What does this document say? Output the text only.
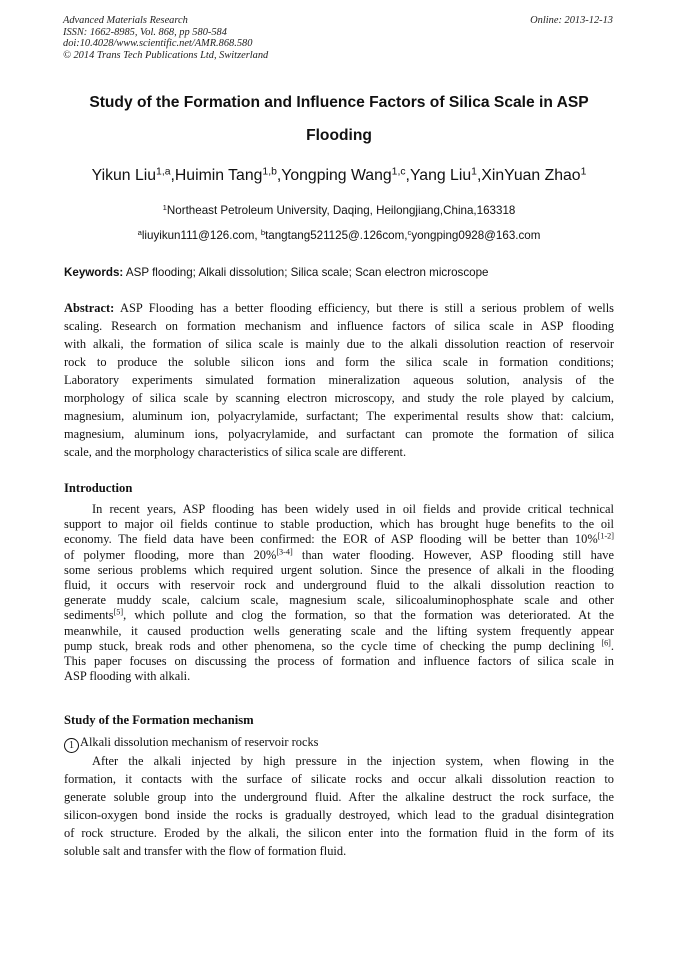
Advanced Materials Research
ISSN: 1662-8985, Vol. 868, pp 580-584
doi:10.4028/www.scientific.net/AMR.868.580
© 2014 Trans Tech Publications Ltd, Switzerland
Online: 2013-12-13
Study of the Formation and Influence Factors of Silica Scale in ASP
Flooding
Yikun Liu$^{1,a}$,Huimin Tang$^{1,b}$,Yongping Wang$^{1,c}$,Yang Liu$^1$,XinYuan Zhao$^1$
$^1$Northeast Petroleum University, Daqing, Heilongjiang,China,163318
$^a$liuyikun111@126.com, $^b$tangtang521125@.126com,$^c$yongping0928@163.com
Keywords: ASP flooding; Alkali dissolution; Silica scale; Scan electron microscope
Abstract: ASP Flooding has a better flooding efficiency, but there is still a serious problem of wells
scaling. Research on formation mechanism and influence factors of silica scale in ASP flooding
with alkali, the formation of silica scale is mainly due to the alkali dissolution reaction of reservoir
rock to produce the soluble silicon ions and form the silica scale in formation conditions;
Laboratory experiments simulated formation mineralization aqueous solution, analysis of the
morphology of silica scale by scanning electron microscopy, and study the role played by calcium,
magnesium, aluminum ion, polyacrylamide, surfactant; The experimental results show that: calcium,
magnesium, aluminum ions, polyacrylamide, and surfactant can promote the formation of silica
scale, and the morphology characteristics of silica scale are different.
Introduction
In recent years, ASP flooding has been widely used in oil fields and provide critical technical
support to major oil fields continue to stable production, which has brought huge benefits to the oil
economy. The field data have been confirmed: the EOR of ASP flooding will be better than 10%[1-2]
of polymer flooding, more than 20%[3-4] than water flooding. However, ASP flooding still have
some serious problems which required urgent solution. Since the presence of alkali in the flooding
fluid, it occurs with reservoir rock and underground fluid to the alkali dissolution reaction to
generate muddy scale, calcium scale, magnesium scale, silicoaluminophosphate scale and other
sediments[5], which pollute and clog the formation, so that the formation was deteriorated. At the
meanwhile, it caused production wells generating scale and the lifting system frequently appear
pump stuck, break rods and other phenomena, so the cycle time of checking the pump declining [6].
This paper focuses on discussing the process of formation and influence factors of silica scale in
ASP flooding with alkali.
Study of the Formation mechanism
1 Alkali dissolution mechanism of reservoir rocks
After the alkali injected by high pressure in the injection system, when flowing in the
formation, it contacts with the surface of silicate rocks and occur alkali dissolution reaction to
generate soluble group into the underground fluid. After the alkaline destruct the rock surface, the
silicon-oxygen bond inside the rocks is gradually destroyed, which lead to the gradual disintegration
of rock structure. Eroded by the alkali, the silicon enter into the formation fluid in the form of its
soluble salt and transfer with the flow of formation fluid.
